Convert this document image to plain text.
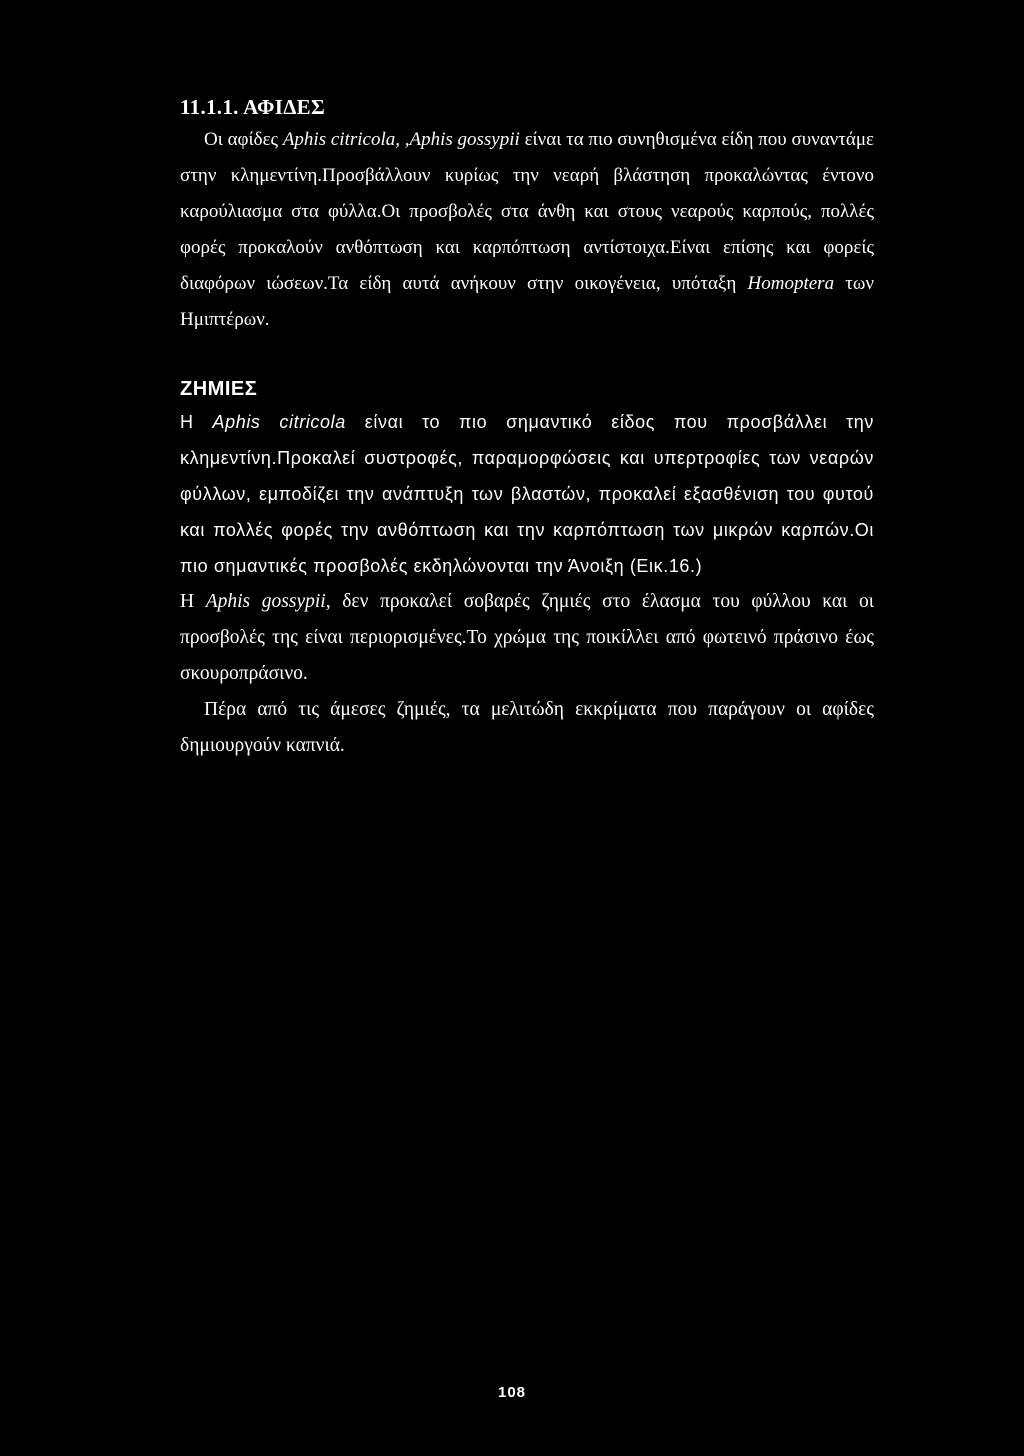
11.1.1. ΑΦΙΔΕΣ

Οι αφίδες Aphis citricola, ,Aphis gossypii είναι τα πιο συνηθισμένα είδη που συναντάμε στην κλημεντίνη.Προσβάλλουν κυρίως την νεαρή βλάστηση προκαλώντας έντονο καρούλιασμα στα φύλλα.Οι προσβολές στα άνθη και στους νεαρούς καρπούς, πολλές φορές προκαλούν ανθόπτωση και καρπόπτωση αντίστοιχα.Είναι επίσης και φορείς διαφόρων ιώσεων.Τα είδη αυτά ανήκουν στην οικογένεια, υπόταξη Homoptera των Ημιπτέρων.

ΖΗΜΙΕΣ

Η Aphis citricola είναι το πιο σημαντικό είδος που προσβάλλει την κλημεντίνη.Προκαλεί συστροφές, παραμορφώσεις και υπερτροφίες των νεαρών φύλλων, εμποδίζει την ανάπτυξη των βλαστών, προκαλεί εξασθένιση του φυτού και πολλές φορές την ανθόπτωση και την καρπόπτωση των μικρών καρπών.Οι πιο σημαντικές προσβολές εκδηλώνονται την Άνοιξη (Εικ.16.)

Η Aphis gossypii, δεν προκαλεί σοβαρές ζημιές στο έλασμα του φύλλου και οι προσβολές της είναι περιορισμένες.Το χρώμα της ποικίλλει από φωτεινό πράσινο έως σκουροπράσινο.

Πέρα από τις άμεσες ζημιές, τα μελιτώδη εκκρίματα που παράγουν οι αφίδες δημιουργούν καπνιά.

108
